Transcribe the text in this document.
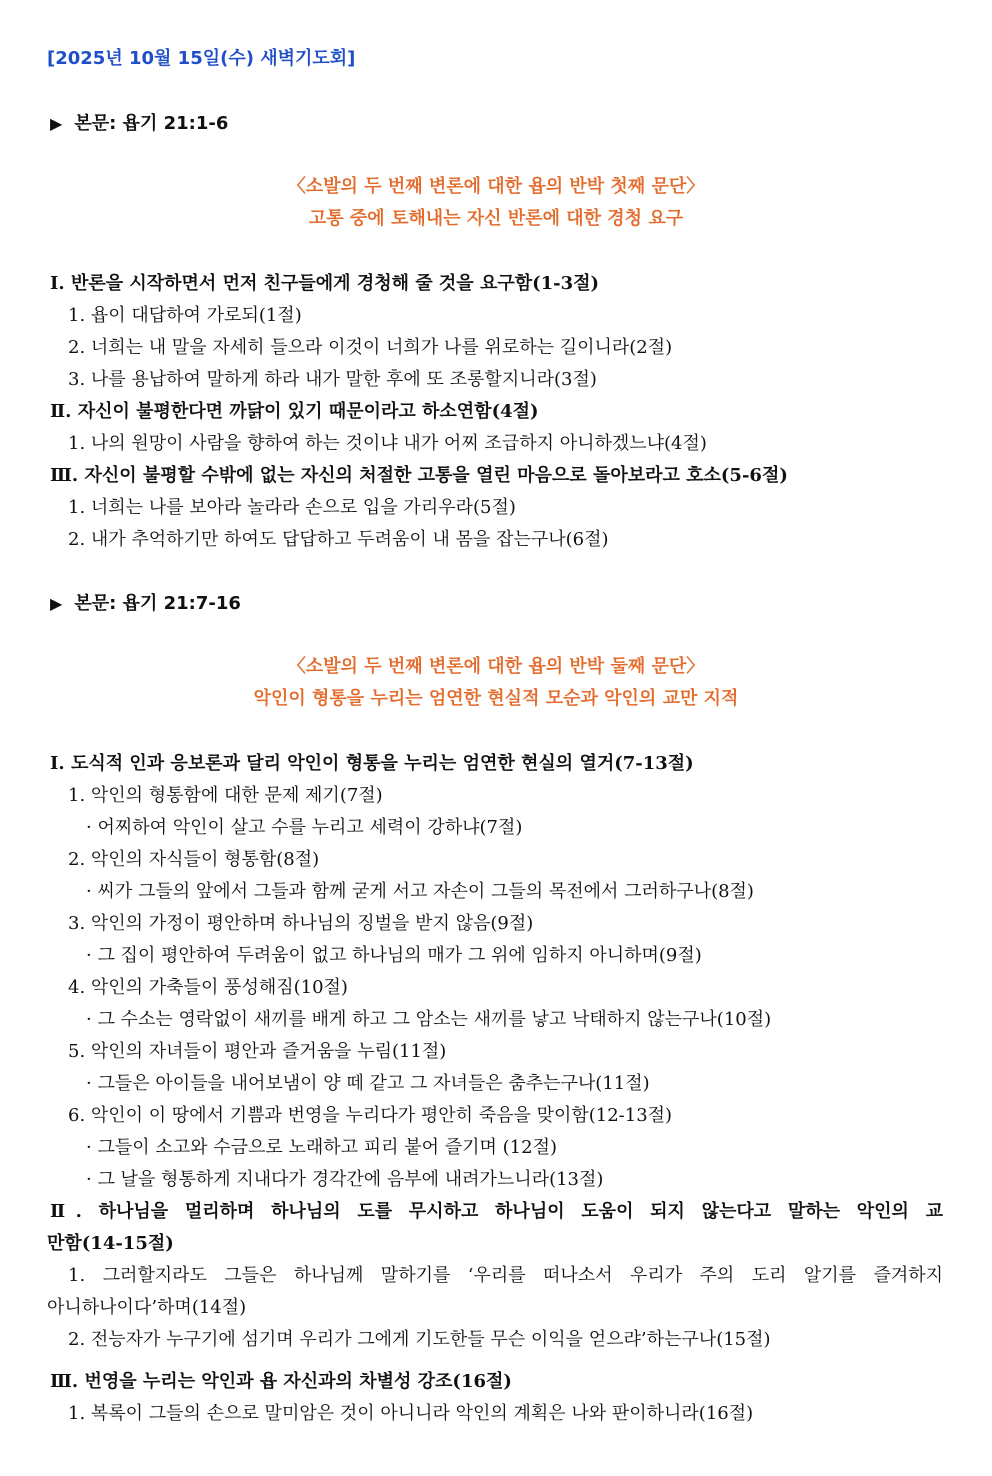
[2025년 10월 15일(수) 새벽기도회]
▶ 본문: 욥기 21:1-6
〈소발의 두 번째 변론에 대한 욥의 반박 첫째 문단〉
고통 중에 토해내는 자신 반론에 대한 경청 요구
Ⅰ. 반론을 시작하면서 먼저 친구들에게 경청해 줄 것을 요구함(1-3절)
1. 욥이 대답하여 가로되(1절)
2. 너희는 내 말을 자세히 들으라 이것이 너희가 나를 위로하는 길이니라(2절)
3. 나를 용납하여 말하게 하라 내가 말한 후에 또 조롱할지니라(3절)
Ⅱ. 자신이 불평한다면 까닭이 있기 때문이라고 하소연함(4절)
1. 나의 원망이 사람을 향하여 하는 것이냐 내가 어찌 조급하지 아니하겠느냐(4절)
Ⅲ. 자신이 불평할 수밖에 없는 자신의 처절한 고통을 열린 마음으로 돌아보라고 호소(5-6절)
1. 너희는 나를 보아라 놀라라 손으로 입을 가리우라(5절)
2. 내가 추억하기만 하여도 답답하고 두려움이 내 몸을 잡는구나(6절)
▶ 본문: 욥기 21:7-16
〈소발의 두 번째 변론에 대한 욥의 반박 둘째 문단〉
악인이 형통을 누리는 엄연한 현실적 모순과 악인의 교만 지적
Ⅰ. 도식적 인과 응보론과 달리 악인이 형통을 누리는 엄연한 현실의 열거(7-13절)
1. 악인의 형통함에 대한 문제 제기(7절)
· 어찌하여 악인이 살고 수를 누리고 세력이 강하냐(7절)
2. 악인의 자식들이 형통함(8절)
· 씨가 그들의 앞에서 그들과 함께 굳게 서고 자손이 그들의 목전에서 그러하구나(8절)
3. 악인의 가정이 평안하며 하나님의 징벌을 받지 않음(9절)
· 그 집이 평안하여 두려움이 없고 하나님의 매가 그 위에 임하지 아니하며(9절)
4. 악인의 가축들이 풍성해짐(10절)
· 그 수소는 영락없이 새끼를 배게 하고 그 암소는 새끼를 낳고 낙태하지 않는구나(10절)
5. 악인의 자녀들이 평안과 즐거움을 누림(11절)
· 그들은 아이들을 내어보냄이 양 떼 같고 그 자녀들은 춤추는구나(11절)
6. 악인이 이 땅에서 기쁨과 번영을 누리다가 평안히 죽음을 맞이함(12-13절)
· 그들이 소고와 수금으로 노래하고 피리 붙어 즐기며 (12절)
· 그 날을 형통하게 지내다가 경각간에 음부에 내려가느니라(13절)
Ⅱ. 하나님을 멀리하며 하나님의 도를 무시하고 하나님이 도움이 되지 않는다고 말하는 악인의 교
만함(14-15절)
1. 그러할지라도 그들은 하나님께 말하기를 ‘우리를 떠나소서 우리가 주의 도리 알기를 즐겨하지
아니하나이다’하며(14절)
2. 전능자가 누구기에 섬기며 우리가 그에게 기도한들 무슨 이익을 얻으랴’하는구나(15절)
Ⅲ. 번영을 누리는 악인과 욥 자신과의 차별성 강조(16절)
1. 복록이 그들의 손으로 말미암은 것이 아니니라 악인의 계획은 나와 판이하니라(16절)
